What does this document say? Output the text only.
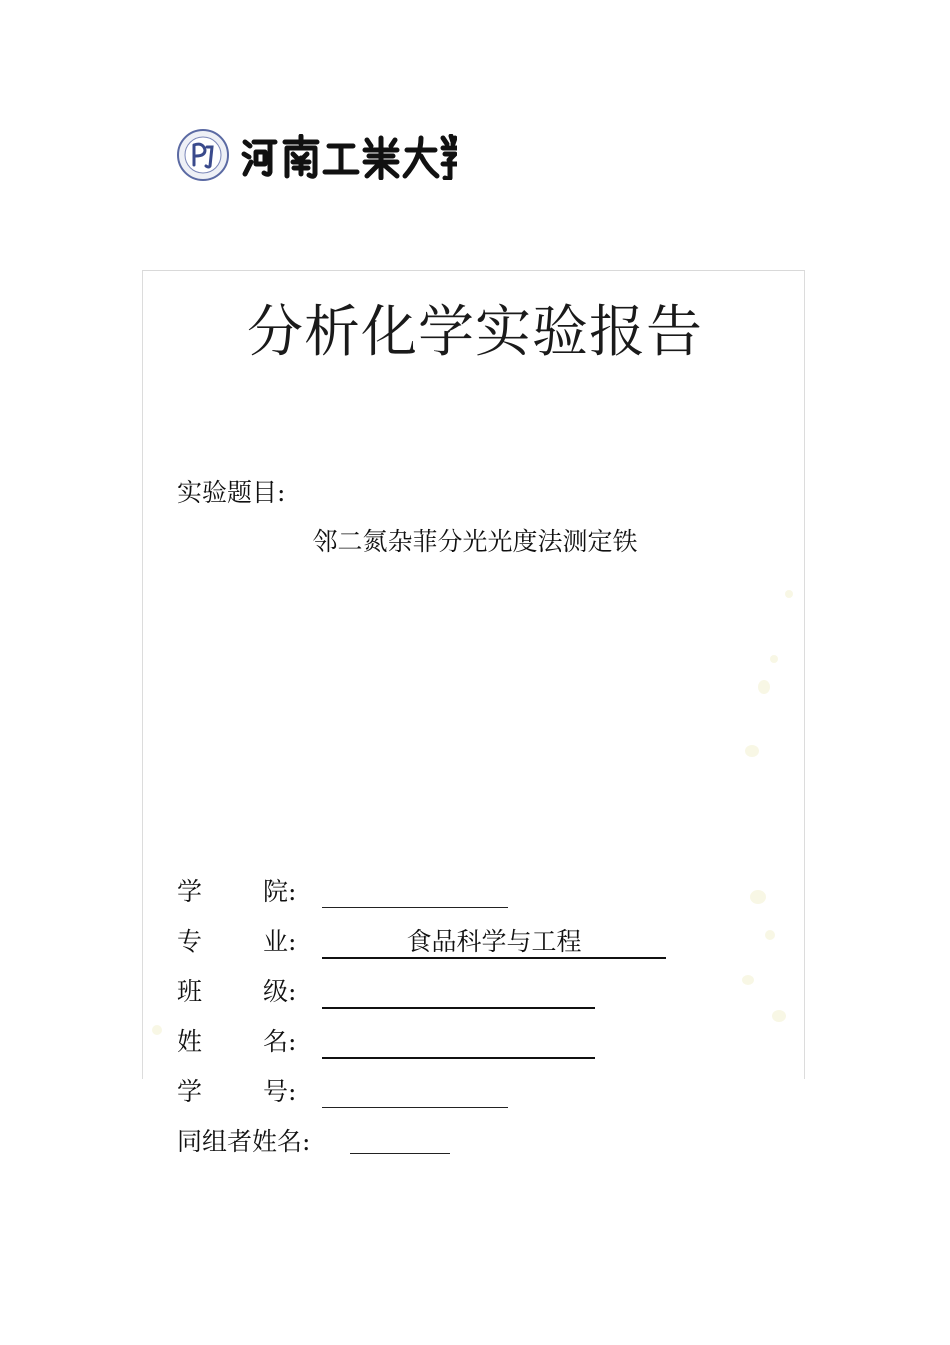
分析化学实验报告
实验题目:
邻二氮杂菲分光光度法测定铁
学 院:
专 业:	食品科学与工程
班 级:
姓 名:
学 号:
同组者姓名:
